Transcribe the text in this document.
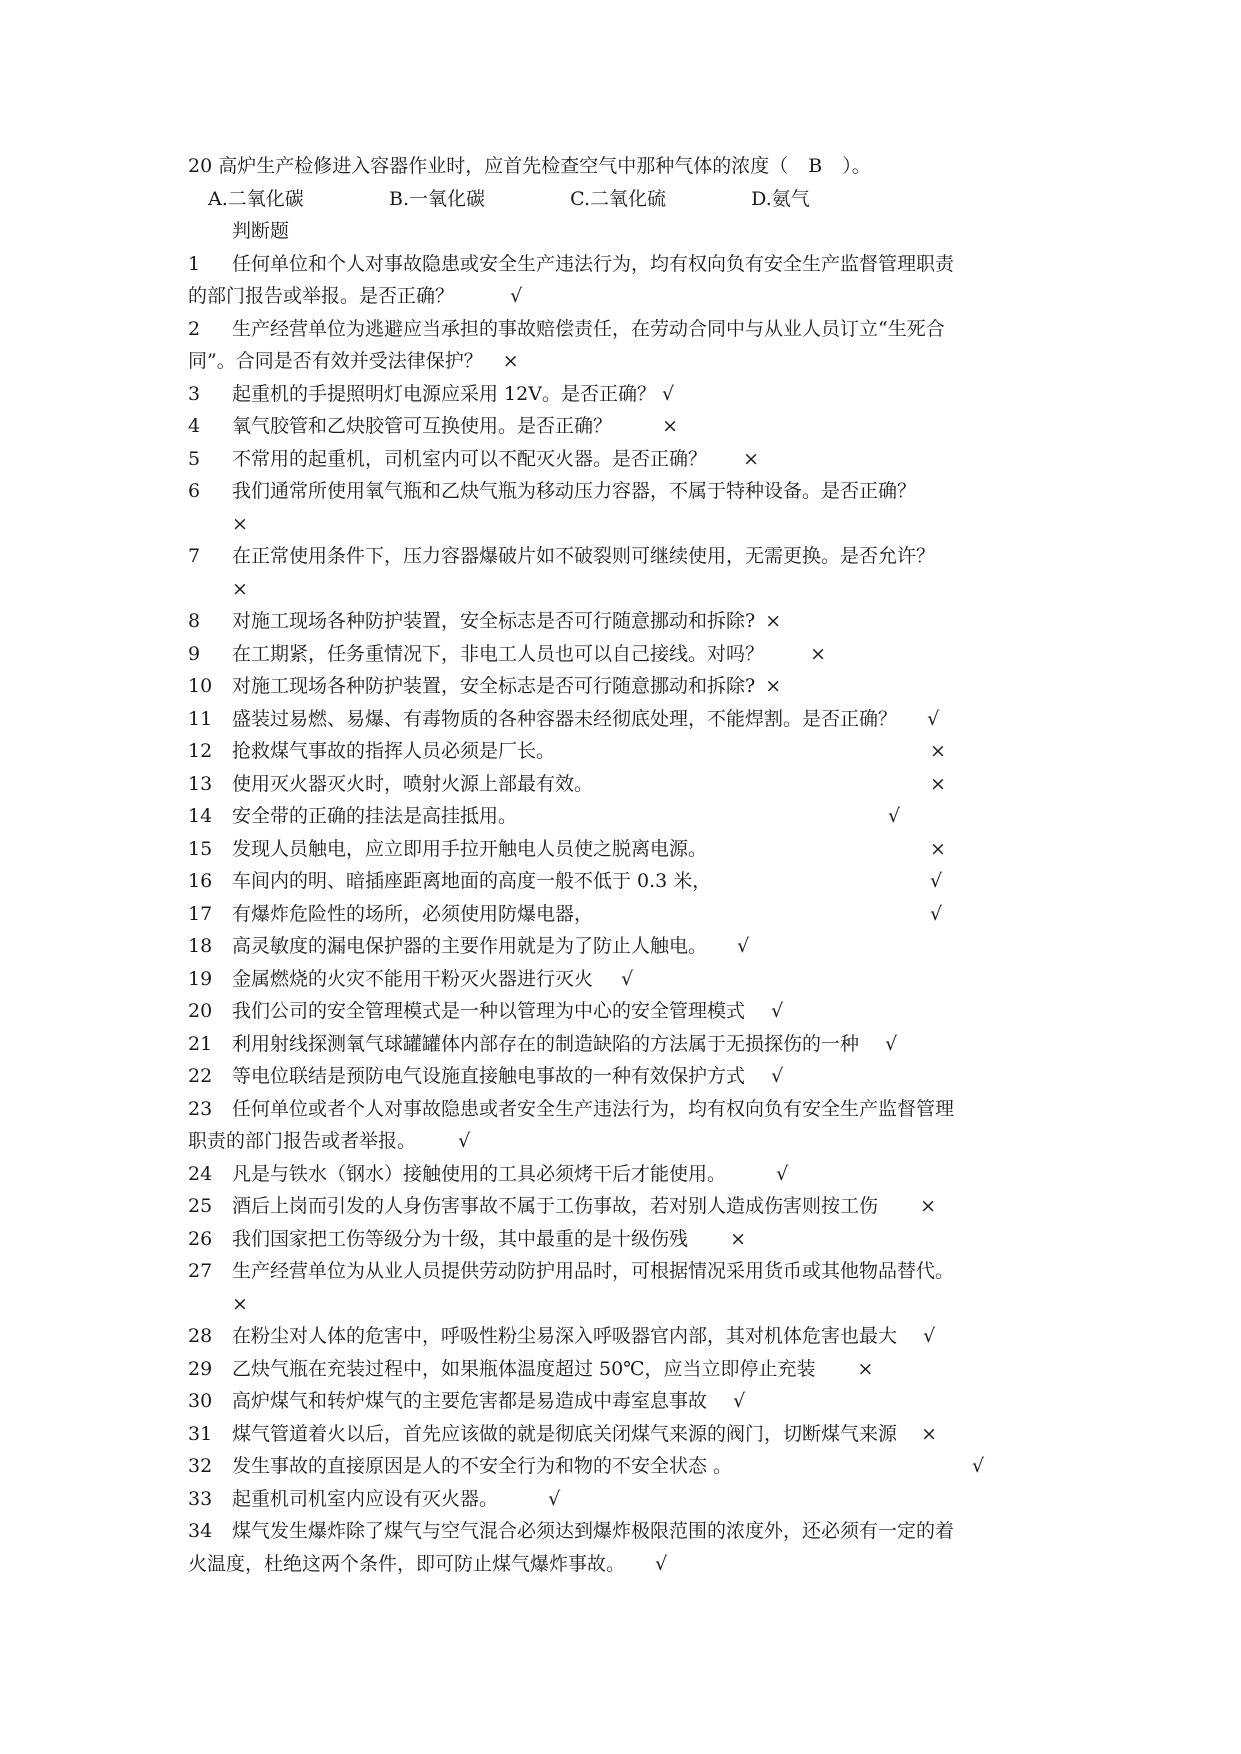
20 高炉生产检修进入容器作业时，应首先检查空气中那种气体的浓度（ B ）。
A.二氧化碳	B.一氧化碳	C.二氧化硫	D.氨气
判断题
1 任何单位和个人对事故隐患或安全生产违法行为，均有权向负有安全生产监督管理职责
的部门报告或举报。是否正确？	√
2 生产经营单位为逃避应当承担的事故赔偿责任，在劳动合同中与从业人员订立“生死合
同”。合同是否有效并受法律保护？ ×
3 起重机的手提照明灯电源应采用 12V。是否正确？ √
4 氧气胶管和乙炔胶管可互换使用。是否正确？	×
5 不常用的起重机，司机室内可以不配灭火器。是否正确？ ×
6 我们通常所使用氧气瓶和乙炔气瓶为移动压力容器，不属于特种设备。是否正确？
×
7 在正常使用条件下，压力容器爆破片如不破裂则可继续使用，无需更换。是否允许？
×
8 对施工现场各种防护装置，安全标志是否可行随意挪动和拆除? ×
9 在工期紧，任务重情况下，非电工人员也可以自己接线。对吗？ ×
10 对施工现场各种防护装置，安全标志是否可行随意挪动和拆除? ×
11 盛装过易燃、易爆、有毒物质的各种容器未经彻底处理，不能焊割。是否正确？ √
12 抢救煤气事故的指挥人员必须是厂长。	×
13 使用灭火器灭火时，喷射火源上部最有效。	×
14 安全带的正确的挂法是高挂抵用。	√
15 发现人员触电，应立即用手拉开触电人员使之脱离电源。	×
16 车间内的明、暗插座距离地面的高度一般不低于 0.3 米，	√
17 有爆炸危险性的场所，必须使用防爆电器，	√
18 高灵敏度的漏电保护器的主要作用就是为了防止人触电。 √
19 金属燃烧的火灾不能用干粉灭火器进行灭火 √
20 我们公司的安全管理模式是一种以管理为中心的安全管理模式 √
21 利用射线探测氧气球罐罐体内部存在的制造缺陷的方法属于无损探伤的一种 √
22 等电位联结是预防电气设施直接触电事故的一种有效保护方式 √
23 任何单位或者个人对事故隐患或者安全生产违法行为，均有权向负有安全生产监督管理
职责的部门报告或者举报。 √
24 凡是与铁水（钢水）接触使用的工具必须烤干后才能使用。	√
25 酒后上岗而引发的人身伤害事故不属于工伤事故，若对别人造成伤害则按工伤 ×
26 我们国家把工伤等级分为十级，其中最重的是十级伤残 ×
27 生产经营单位为从业人员提供劳动防护用品时，可根据情况采用货币或其他物品替代。
×
28 在粉尘对人体的危害中，呼吸性粉尘易深入呼吸器官内部，其对机体危害也最大 √
29 乙炔气瓶在充装过程中，如果瓶体温度超过 50℃，应当立即停止充装 ×
30 高炉煤气和转炉煤气的主要危害都是易造成中毒室息事故 √
31 煤气管道着火以后，首先应该做的就是彻底关闭煤气来源的阀门，切断煤气来源 ×
32 发生事故的直接原因是人的不安全行为和物的不安全状态 。	√
33 起重机司机室内应设有灭火器。	√
34 煤气发生爆炸除了煤气与空气混合必须达到爆炸极限范围的浓度外，还必须有一定的着
火温度，杜绝这两个条件，即可防止煤气爆炸事故。 √
